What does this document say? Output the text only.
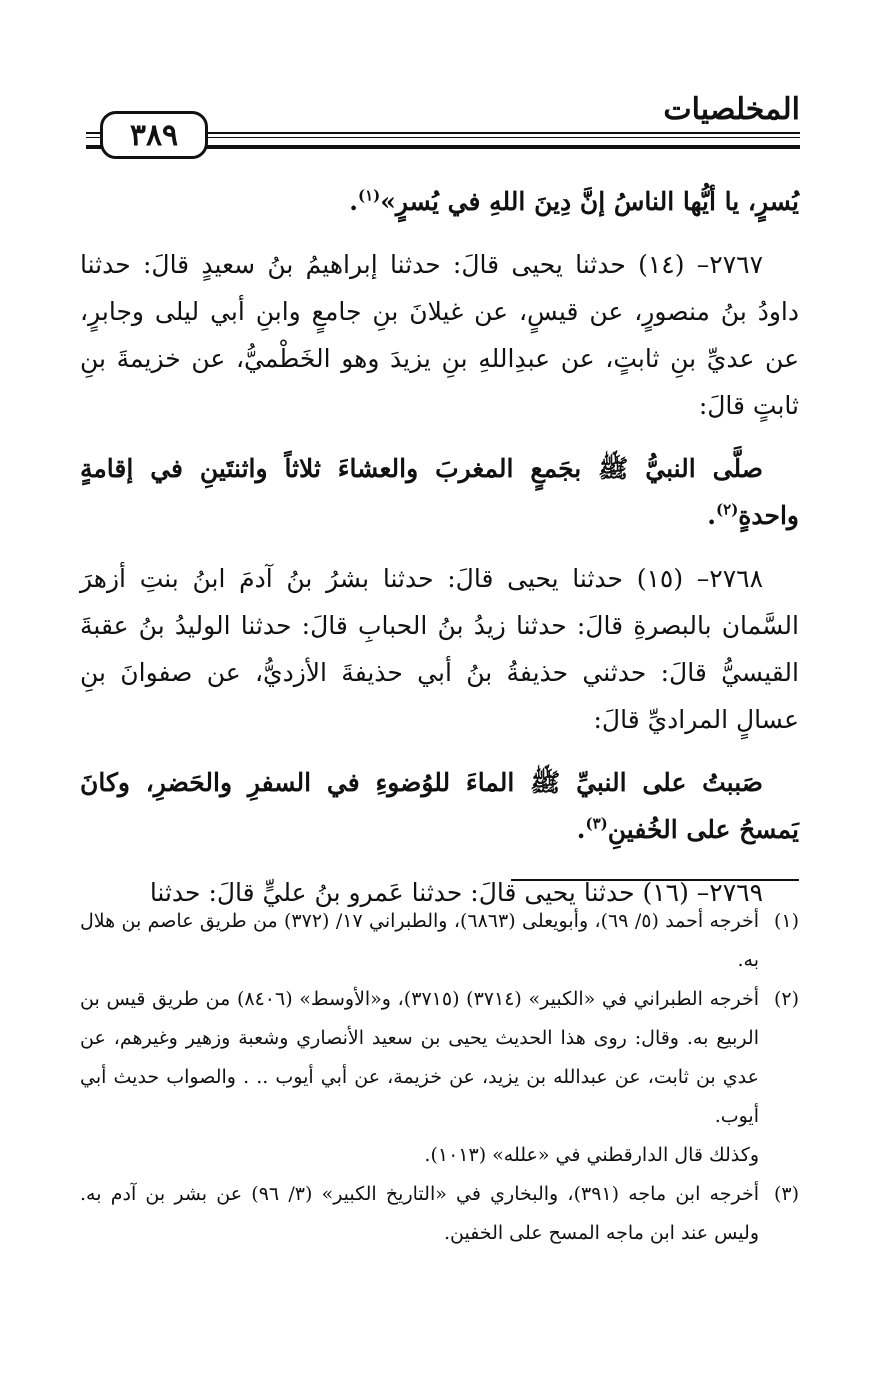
المخلصيات
٣٨٩

يُسرٍ، يا أيُّها الناسُ إنَّ دِينَ اللهِ في يُسرٍ»$^{(١)}$.

٢٧٦٧– (١٤) حدثنا يحيى قالَ: حدثنا إبراهيمُ بنُ سعيدٍ قالَ: حدثنا داودُ بنُ منصورٍ، عن قيسٍ، عن غيلانَ بنِ جامعٍ وابنِ أبي ليلى وجابرٍ، عن عديِّ بنِ ثابتٍ، عن عبدِاللهِ بنِ يزيدَ وهو الخَطْميُّ، عن خزيمةَ بنِ ثابتٍ قالَ:

صلَّى النبيُّ ﷺ بجَمعٍ المغربَ والعشاءَ ثلاثاً واثنتَينِ في إقامةٍ واحدةٍ$^{(٢)}$.

٢٧٦٨– (١٥) حدثنا يحيى قالَ: حدثنا بشرُ بنُ آدمَ ابنُ بنتِ أزهرَ السَّمان بالبصرةِ قالَ: حدثنا زيدُ بنُ الحبابِ قالَ: حدثنا الوليدُ بنُ عقبةَ القيسيُّ قالَ: حدثني حذيفةُ بنُ أبي حذيفةَ الأزديُّ، عن صفوانَ بنِ عسالٍ المراديِّ قالَ:

صَببتُ على النبيِّ ﷺ الماءَ للوُضوءِ في السفرِ والحَضرِ، وكانَ يَمسحُ على الخُفينِ$^{(٣)}$.

٢٧٦٩– (١٦) حدثنا يحيى قالَ: حدثنا عَمرو بنُ عليٍّ قالَ: حدثنا

(١)

أخرجه أحمد (٥/ ٦٩)، وأبويعلى (٦٨٦٣)، والطبراني ١٧/ (٣٧٢) من طريق عاصم بن هلال به.

(٢)

أخرجه الطبراني في «الكبير» (٣٧١٤) (٣٧١٥)، و«الأوسط» (٨٤٠٦) من طريق قيس بن الربيع به. وقال: روى هذا الحديث يحيى بن سعيد الأنصاري وشعبة وزهير وغيرهم، عن عدي بن ثابت، عن عبدالله بن يزيد، عن خزيمة، عن أبي أيوب .. . والصواب حديث أبي أيوب.

وكذلك قال الدارقطني في «علله» (١٠١٣).

(٣)

أخرجه ابن ماجه (٣٩١)، والبخاري في «التاريخ الكبير» (٣/ ٩٦) عن بشر بن آدم به. وليس عند ابن ماجه المسح على الخفين.
